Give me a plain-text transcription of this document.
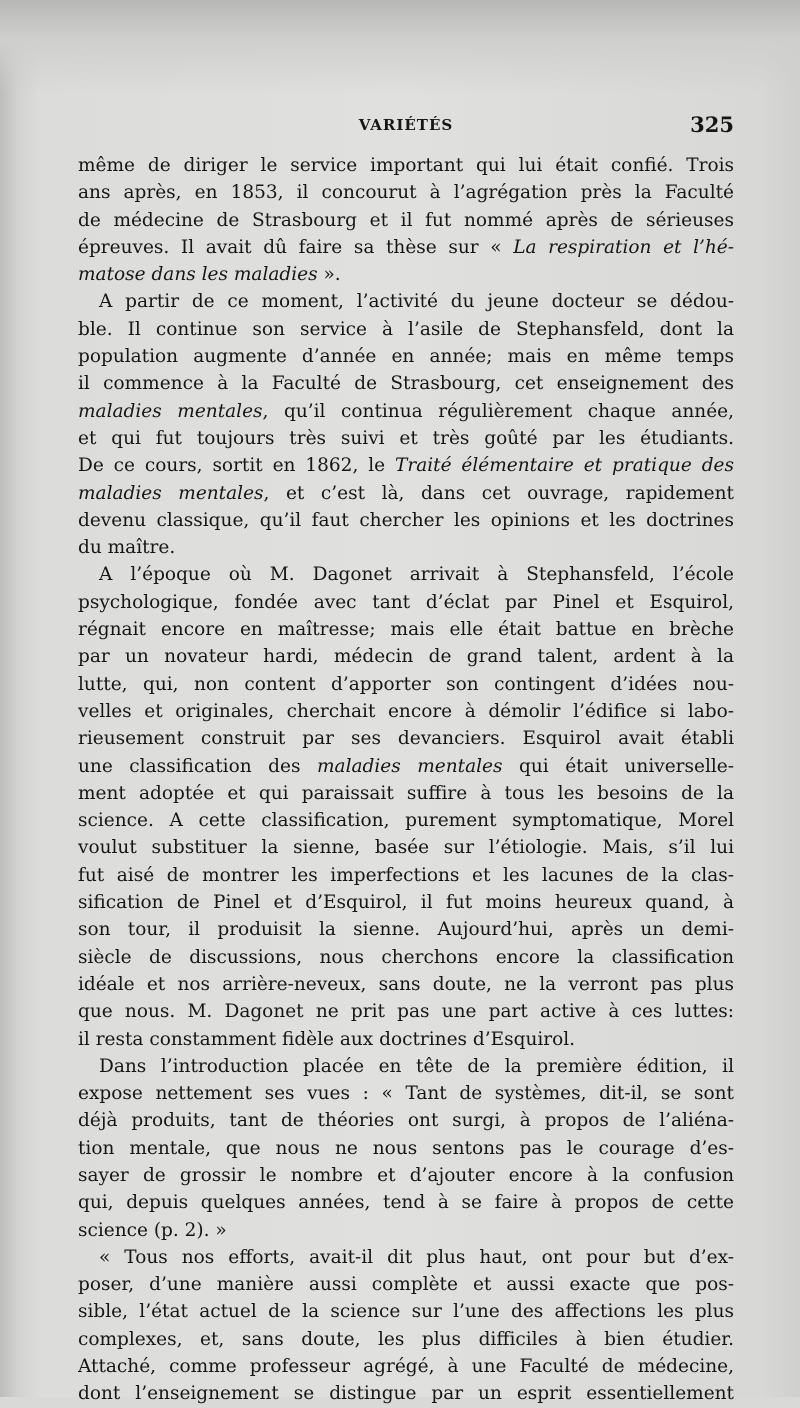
VARIÉTÉS	325
même de diriger le service important qui lui était confié. Trois
ans après, en 1853, il concourut à l’agrégation près la Faculté
de médecine de Strasbourg et il fut nommé après de sérieuses
épreuves. Il avait dû faire sa thèse sur « La respiration et l’hé-
matose dans les maladies ».
A partir de ce moment, l’activité du jeune docteur se dédou-
ble. Il continue son service à l’asile de Stephansfeld, dont la
population augmente d’année en année; mais en même temps
il commence à la Faculté de Strasbourg, cet enseignement des
maladies mentales, qu’il continua régulièrement chaque année,
et qui fut toujours très suivi et très goûté par les étudiants.
De ce cours, sortit en 1862, le Traité élémentaire et pratique des
maladies mentales, et c’est là, dans cet ouvrage, rapidement
devenu classique, qu’il faut chercher les opinions et les doctrines
du maître.
A l’époque où M. Dagonet arrivait à Stephansfeld, l’école
psychologique, fondée avec tant d’éclat par Pinel et Esquirol,
régnait encore en maîtresse; mais elle était battue en brèche
par un novateur hardi, médecin de grand talent, ardent à la
lutte, qui, non content d’apporter son contingent d’idées nou-
velles et originales, cherchait encore à démolir l’édifice si labo-
rieusement construit par ses devanciers. Esquirol avait établi
une classification des maladies mentales qui était universelle-
ment adoptée et qui paraissait suffire à tous les besoins de la
science. A cette classification, purement symptomatique, Morel
voulut substituer la sienne, basée sur l’étiologie. Mais, s’il lui
fut aisé de montrer les imperfections et les lacunes de la clas-
sification de Pinel et d’Esquirol, il fut moins heureux quand, à
son tour, il produisit la sienne. Aujourd’hui, après un demi-
siècle de discussions, nous cherchons encore la classification
idéale et nos arrière-neveux, sans doute, ne la verront pas plus
que nous. M. Dagonet ne prit pas une part active à ces luttes:
il resta constamment fidèle aux doctrines d’Esquirol.
Dans l’introduction placée en tête de la première édition, il
expose nettement ses vues : « Tant de systèmes, dit-il, se sont
déjà produits, tant de théories ont surgi, à propos de l’aliéna-
tion mentale, que nous ne nous sentons pas le courage d’es-
sayer de grossir le nombre et d’ajouter encore à la confusion
qui, depuis quelques années, tend à se faire à propos de cette
science (p. 2). »
« Tous nos efforts, avait-il dit plus haut, ont pour but d’ex-
poser, d’une manière aussi complète et aussi exacte que pos-
sible, l’état actuel de la science sur l’une des affections les plus
complexes, et, sans doute, les plus difficiles à bien étudier.
Attaché, comme professeur agrégé, à une Faculté de médecine,
dont l’enseignement se distingue par un esprit essentiellement
